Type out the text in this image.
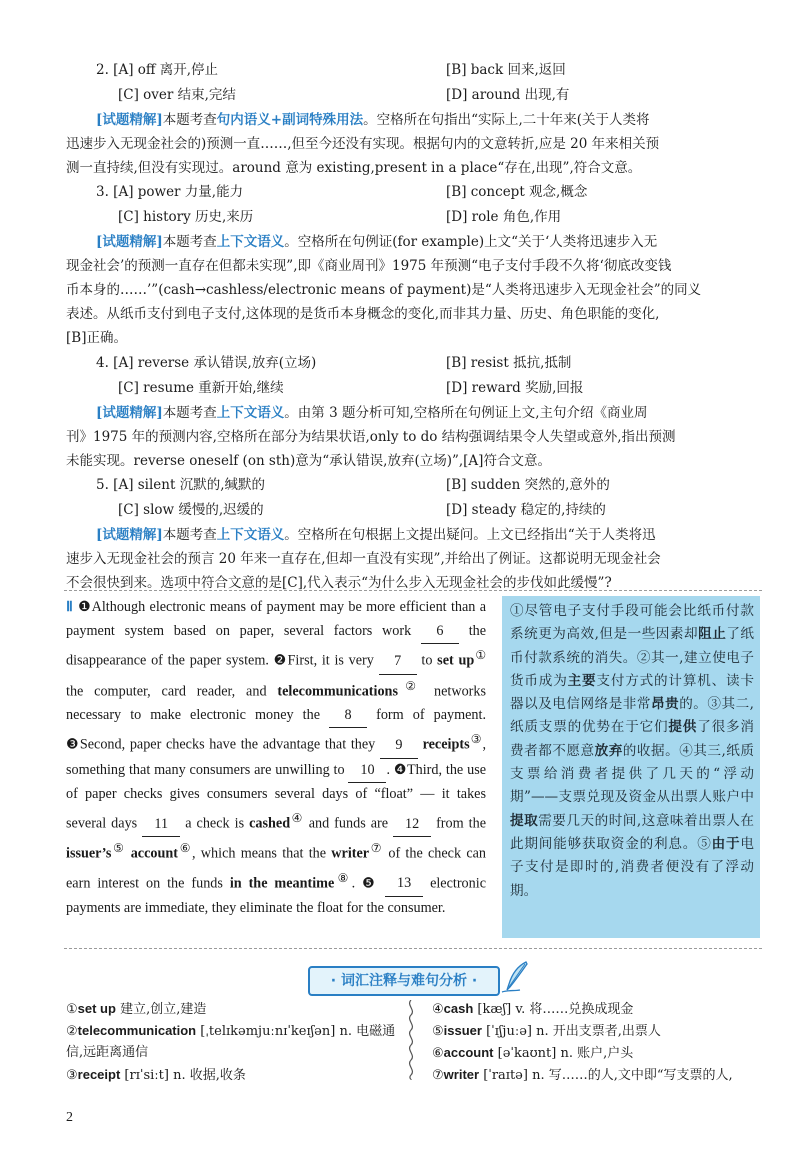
2. [A] off 离开,停止	[B] back 回来,返回
[C] over 结束,完结	[D] around 出现,有
[试题精解]本题考查句内语义+副词特殊用法。空格所在句指出“实际上,二十年来(关于人类将
迅速步入无现金社会的)预测一直……,但至今还没有实现。根据句内的文意转折,应是 20 年来相关预
测一直持续,但没有实现过。around 意为 existing,present in a place“存在,出现”,符合文意。
3. [A] power 力量,能力	[B] concept 观念,概念
[C] history 历史,来历	[D] role 角色,作用
[试题精解]本题考查上下文语义。空格所在句例证(for example)上文“关于‘人类将迅速步入无
现金社会’的预测一直存在但都未实现”,即《商业周刊》1975 年预测“电子支付手段不久将‘彻底改变钱
币本身的……’”(cash→cashless/electronic means of payment)是“人类将迅速步入无现金社会”的同义
表述。从纸币支付到电子支付,这体现的是货币本身概念的变化,而非其力量、历史、角色职能的变化,
[B]正确。
4. [A] reverse 承认错误,放弃(立场)	[B] resist 抵抗,抵制
[C] resume 重新开始,继续	[D] reward 奖励,回报
[试题精解]本题考查上下文语义。由第 3 题分析可知,空格所在句例证上文,主句介绍《商业周
刊》1975 年的预测内容,空格所在部分为结果状语,only to do 结构强调结果令人失望或意外,指出预测
未能实现。reverse oneself (on sth)意为“承认错误,放弃(立场)”,[A]符合文意。
5. [A] silent 沉默的,缄默的	[B] sudden 突然的,意外的
[C] slow 缓慢的,迟缓的	[D] steady 稳定的,持续的
[试题精解]本题考查上下文语义。空格所在句根据上文提出疑问。上文已经指出“关于人类将迅
速步入无现金社会的预言 20 年来一直存在,但却一直没有实现”,并给出了例证。这都说明无现金社会
不会很快到来。选项中符合文意的是[C],代入表示“为什么步入无现金社会的步伐如此缓慢”?
Ⅱ ❶Although electronic means of payment may be more efficient than a payment system based on paper, several factors work 6 the disappearance of the paper system. ❷First, it is very 7 to set up① the computer, card reader, and telecommunications② networks necessary to make electronic money the 8 form of payment. ❸Second, paper checks have the advantage that they 9 receipts③, something that many consumers are unwilling to 10 . ❹Third, the use of paper checks gives consumers several days of “float” — it takes several days 11 a check is cashed④ and funds are 12 from the issuer’s⑤ account⑥, which means that the writer⑦ of the check can earn interest on the funds in the meantime⑧. ❺ 13 electronic payments are immediate, they eliminate the float for the consumer.
①尽管电子支付手段可能会比纸币付款系统更为高效,但是一些因素却阻止了纸币付款系统的消失。②其一,建立使电子货币成为主要支付方式的计算机、读卡器以及电信网络是非常昂贵的。③其二,纸质支票的优势在于它们提供了很多消费者都不愿意放弃的收据。④其三,纸质支票给消费者提供了几天的“浮动期”——支票兑现及资金从出票人账户中提取需要几天的时间,这意味着出票人在此期间能够获取资金的利息。⑤由于电子支付是即时的,消费者便没有了浮动期。
· 词汇注释与难句分析 ·
①set up 建立,创立,建造
②telecommunication [ˌtelɪkəmjuːnɪˈkeɪʃən] n. 电磁通
信,远距离通信
③receipt [rɪˈsiːt] n. 收据,收条
④cash [kæʃ] v. 将……兑换成现金
⑤issuer [ˈɪʃjuːə] n. 开出支票者,出票人
⑥account [əˈkaʊnt] n. 账户,户头
⑦writer [ˈraɪtə] n. 写……的人,文中即“写支票的人,
2
